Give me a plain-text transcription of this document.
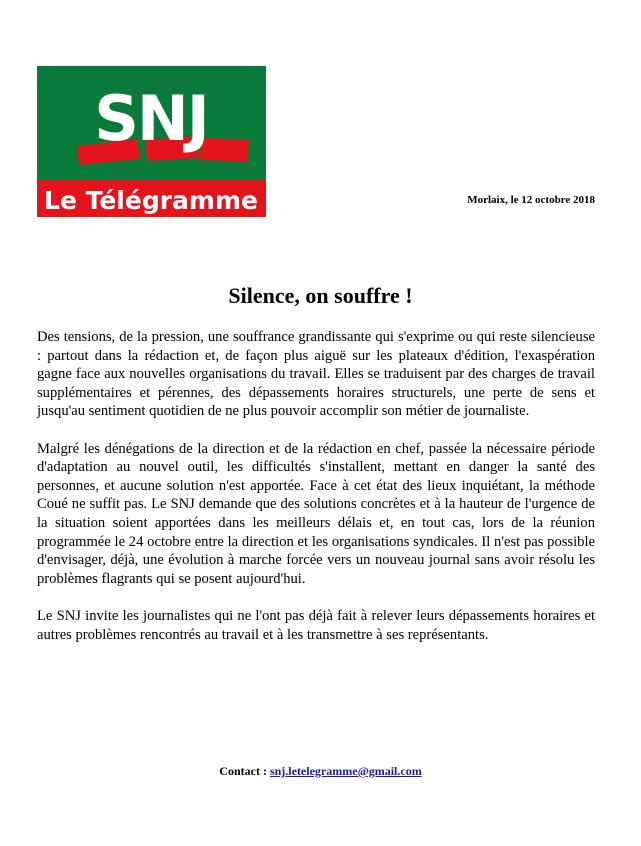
SNJ
Le Télégramme	Morlaix, le 12 octobre 2018
Silence, on souffre !

Des tensions, de la pression, une souffrance grandissante qui s'exprime ou qui reste silencieuse : partout dans la rédaction et, de façon plus aiguë sur les plateaux d'édition, l'exaspération gagne face aux nouvelles organisations du travail. Elles se traduisent par des charges de travail supplémentaires et pérennes, des dépassements horaires structurels, une perte de sens et jusqu'au sentiment quotidien de ne plus pouvoir accomplir son métier de journaliste.

Malgré les dénégations de la direction et de la rédaction en chef, passée la nécessaire période d'adaptation au nouvel outil, les difficultés s'installent, mettant en danger la santé des personnes, et aucune solution n'est apportée. Face à cet état des lieux inquiétant, la méthode Coué ne suffit pas. Le SNJ demande que des solutions concrètes et à la hauteur de l'urgence de la situation soient apportées dans les meilleurs délais et, en tout cas, lors de la réunion programmée le 24 octobre entre la direction et les organisations syndicales. Il n'est pas possible d'envisager, déjà, une évolution à marche forcée vers un nouveau journal sans avoir résolu les problèmes flagrants qui se posent aujourd'hui.

Le SNJ invite les journalistes qui ne l'ont pas déjà fait à relever leurs dépassements horaires et autres problèmes rencontrés au travail et à les transmettre à ses représentants.

Contact : snj.letelegramme@gmail.com
